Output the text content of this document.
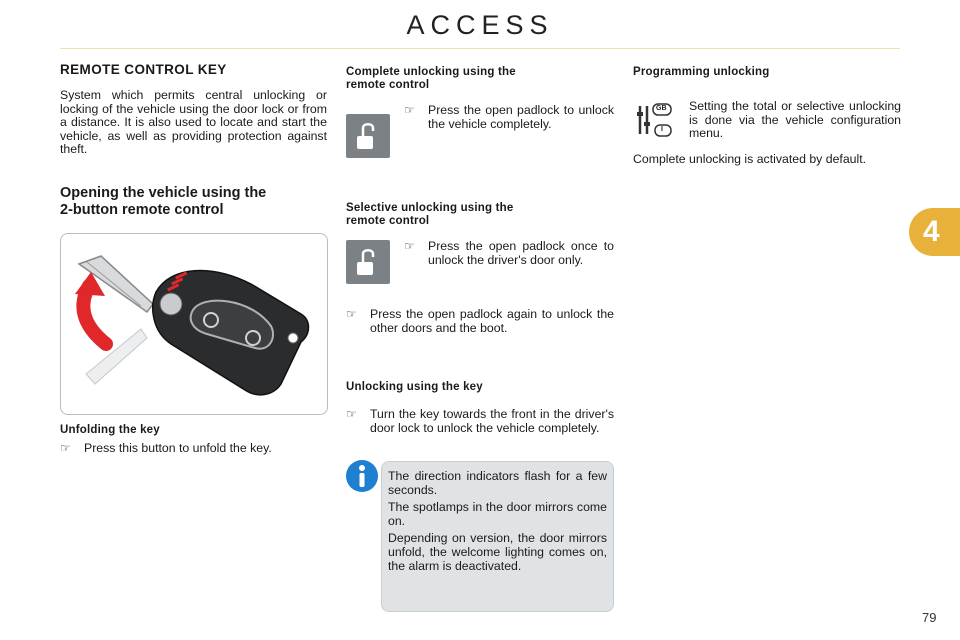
ACCESS
4
REMOTE CONTROL KEY

System which permits central unlocking or locking of the vehicle using the door lock or from a distance. It is also used to locate and start the vehicle, as well as providing protection against theft.

Opening the vehicle using the
2-button remote control
Unfolding the key
☞	Press this button to unfold the key.
Complete unlocking using the
remote control
☞	Press the open padlock to unlock the vehicle completely.
Selective unlocking using the
remote control
☞	Press the open padlock once to unlock the driver's door only.
☞	Press the open padlock again to unlock the other doors and the boot.
Unlocking using the key
☞	Turn the key towards the front in the driver's door lock to unlock the vehicle completely.

The direction indicators flash for a few seconds.

The spotlamps in the door mirrors come on.

Depending on version, the door mirrors unfold, the welcome lighting comes on, the alarm is deactivated.

Programming unlocking
GB
I

Setting the total or selective unlocking is done via the vehicle configuration menu.

Complete unlocking is activated by default.

79
